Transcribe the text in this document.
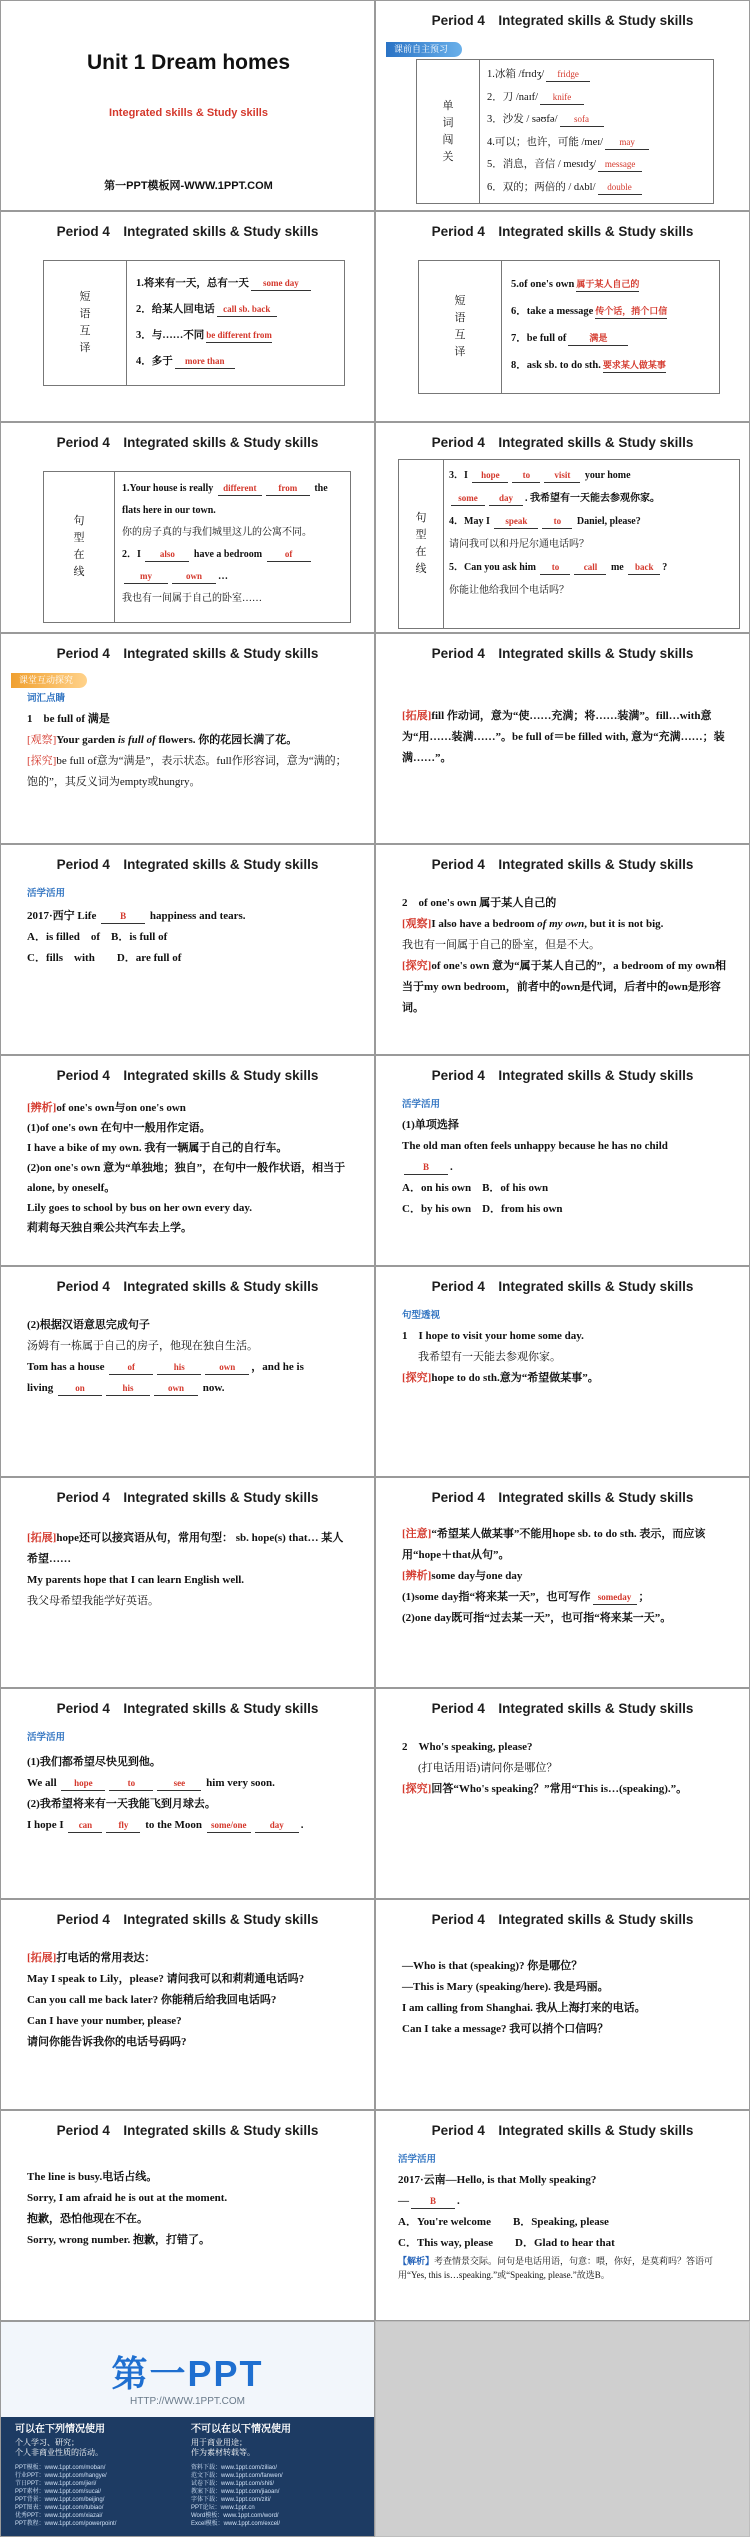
Unit 1 Dream homes
Integrated skills & Study skills
第一PPT模板网-WWW.1PPT.COM
Period 4　Integrated skills & Study skills
课前自主预习
单词闯关
1.冰箱 /frɪdʒ/ fridge
2．刀 /naɪf/ knife
3．沙发 / səʊfə/ sofa
4.可以；也许，可能 /meɪ/ may
5．消息，音信 / mesɪdʒ/ message
6．双的；两倍的 / dʌbl/ double
Period 4　Integrated skills & Study skills
短语互译
1.将来有一天，总有一天 some day
2．给某人回电话 call sb. back
3．与……不同 be different from
4．多于 more than
Period 4　Integrated skills & Study skills
短语互译
5.of one's own 属于某人自己的
6．take a message 传个话，捎个口信
7．be full of	满是
8．ask sb. to do sth. 要求某人做某事
Period 4　Integrated skills & Study skills
句型在线
1.Your house is really different from the
flats here in our town.
你的房子真的与我们城里这儿的公寓不同。
2．I also have a bedroom	of
my	own …
我也有一间属于自己的卧室……
Period 4　Integrated skills & Study skills
句型在线
3．I hope	to	visit your home
some day . 我希望有一天能去参观你家。
4．May I speak	to Daniel, please?
请问我可以和丹尼尔通电话吗？
5．Can you ask him to	call me back ?
你能让他给我回个电话吗？
Period 4　Integrated skills & Study skills
课堂互动探究
词汇点睛

1　be full of 满是

[观察]Your garden is full of flowers. 你的花园长满了花。

[探究]be full of意为“满是”，表示状态。full作形容词，意为“满的；饱的”，其反义词为empty或hungry。

Period 4　Integrated skills & Study skills

[拓展]fill 作动词，意为“使……充满；将……装满”。fill…with意为“用……装满……”。be full of＝be filled with, 意为“充满……；装满……”。

Period 4　Integrated skills & Study skills
活学活用

2017·西宁 Life	B happiness and tears.

A．is filled　of　B．is full of

C．fills　with　　D．are full of

Period 4　Integrated skills & Study skills

2　of one's own 属于某人自己的

[观察]I also have a bedroom of my own, but it is not big.

我也有一间属于自己的卧室，但是不大。

[探究]of one's own 意为“属于某人自己的”，a bedroom of my own相当于my own bedroom，前者中的own是代词，后者中的own是形容词。

Period 4　Integrated skills & Study skills

[辨析]of one's own与on one's own

(1)of one's own 在句中一般用作定语。

I have a bike of my own. 我有一辆属于自己的自行车。

(2)on one's own 意为“单独地；独自”，在句中一般作状语，相当于alone, by oneself。

Lily goes to school by bus on her own every day.

莉莉每天独自乘公共汽车去上学。

Period 4　Integrated skills & Study skills
活学活用

(1)单项选择

The old man often feels unhappy because he has no child

B .

A．on his own　B．of his own

C．by his own　D．from his own

Period 4　Integrated skills & Study skills

(2)根据汉语意思完成句子

汤姆有一栋属于自己的房子，他现在独自生活。

Tom has a house	of	his	own ，and he is

living on	his	own now.

Period 4　Integrated skills & Study skills
句型透视

1　I hope to visit your home some day.

我希望有一天能去参观你家。

[探究]hope to do sth.意为“希望做某事”。

Period 4　Integrated skills & Study skills

[拓展]hope还可以接宾语从句，常用句型： sb. hope(s) that… 某人希望……

My parents hope that I can learn English well.

我父母希望我能学好英语。

Period 4　Integrated skills & Study skills

[注意]“希望某人做某事”不能用hope sb. to do sth. 表示，而应该用“hope＋that从句”。

[辨析]some day与one day

(1)some day指“将来某一天”，也可写作 someday ；

(2)one day既可指“过去某一天”，也可指“将来某一天”。

Period 4　Integrated skills & Study skills
活学活用

(1)我们都希望尽快见到他。

We all hope	to	see him very soon.

(2)我希望将来有一天我能飞到月球去。

I hope I can	fly to the Moon some/one	day .

Period 4　Integrated skills & Study skills

2　Who's speaking, please?

(打电话用语)请问你是哪位？

[探究]回答“Who's speaking？”常用“This is…(speaking).”。

Period 4　Integrated skills & Study skills

[拓展]打电话的常用表达：

May I speak to Lily，please? 请问我可以和莉莉通电话吗?

Can you call me back later? 你能稍后给我回电话吗?

Can I have your number, please?

请问你能告诉我你的电话号码吗?

Period 4　Integrated skills & Study skills

—Who is that (speaking)? 你是哪位？

—This is Mary (speaking/here). 我是玛丽。

I am calling from Shanghai. 我从上海打来的电话。

Can I take a message? 我可以捎个口信吗？

Period 4　Integrated skills & Study skills

The line is busy.电话占线。

Sorry, I am afraid he is out at the moment.

抱歉，恐怕他现在不在。

Sorry, wrong number. 抱歉，打错了。

Period 4　Integrated skills & Study skills
活学活用

2017·云南—Hello, is that Molly speaking?

— B .

A．You're welcome　　B．Speaking, please

C．This way, please　　D．Glad to hear that

【解析】考查情景交际。问句是电话用语，句意：喂，你好，是莫莉吗？答语可用“Yes, this is…speaking.”或“Speaking, please.”故选B。

第一PPT
HTTP://WWW.1PPT.COM
可以在下列情况使用
个人学习、研究；
个人非商业性质的活动。
PPT模板：www.1ppt.com/moban/
行业PPT：www.1ppt.com/hangye/
节日PPT：www.1ppt.com/jieri/
PPT素材：www.1ppt.com/sucai/
PPT背景：www.1ppt.com/beijing/
PPT图表：www.1ppt.com/tubiao/
优秀PPT：www.1ppt.com/xiazai/
PPT教程：www.1ppt.com/powerpoint/
不可以在以下情况使用
用于商业用途；
作为素材转载等。
资料下载：www.1ppt.com/ziliao/
范文下载：www.1ppt.com/fanwen/
试卷下载：www.1ppt.com/shiti/
教案下载：www.1ppt.com/jiaoan/
字体下载：www.1ppt.com/ziti/
PPT论坛：www.1ppt.cn
Word模板：www.1ppt.com/word/
Excel模板：www.1ppt.com/excel/
